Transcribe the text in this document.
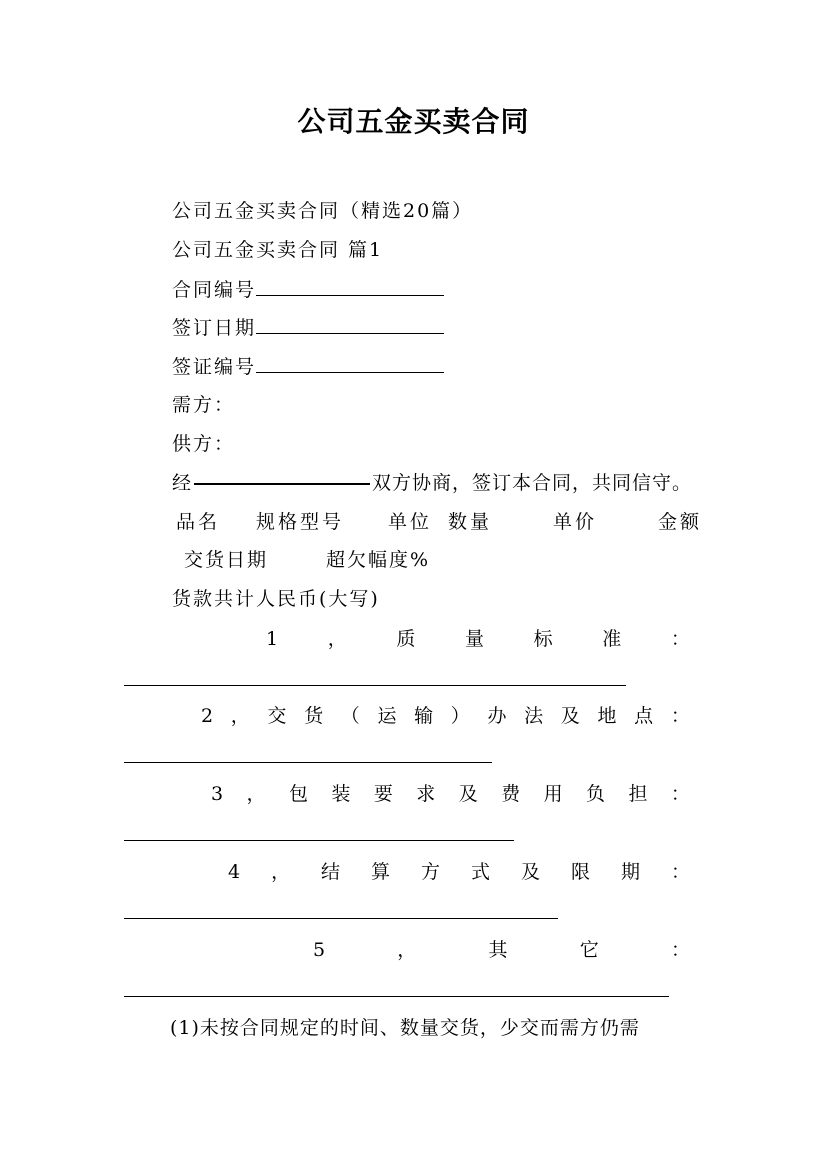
公司五金买卖合同
公司五金买卖合同（精选20篇）
公司五金买卖合同 篇1
合同编号
签订日期
签证编号
需方：
供方：
经	双方协商，签订本合同，共同信守。
品名 规格型号 单位 数量	单价	金额
交货日期	超欠幅度%
货款共计人民币(大写)
1	，	质	量	标	准	：
2 ， 交 货 （ 运 输 ） 办 法 及 地 点 ：
3 ， 包 装 要 求 及 费 用 负 担 ：
4 ， 结 算 方 式 及 限 期 ：
5	，	其	它	：
(1)未按合同规定的时间、数量交货，少交而需方仍需
